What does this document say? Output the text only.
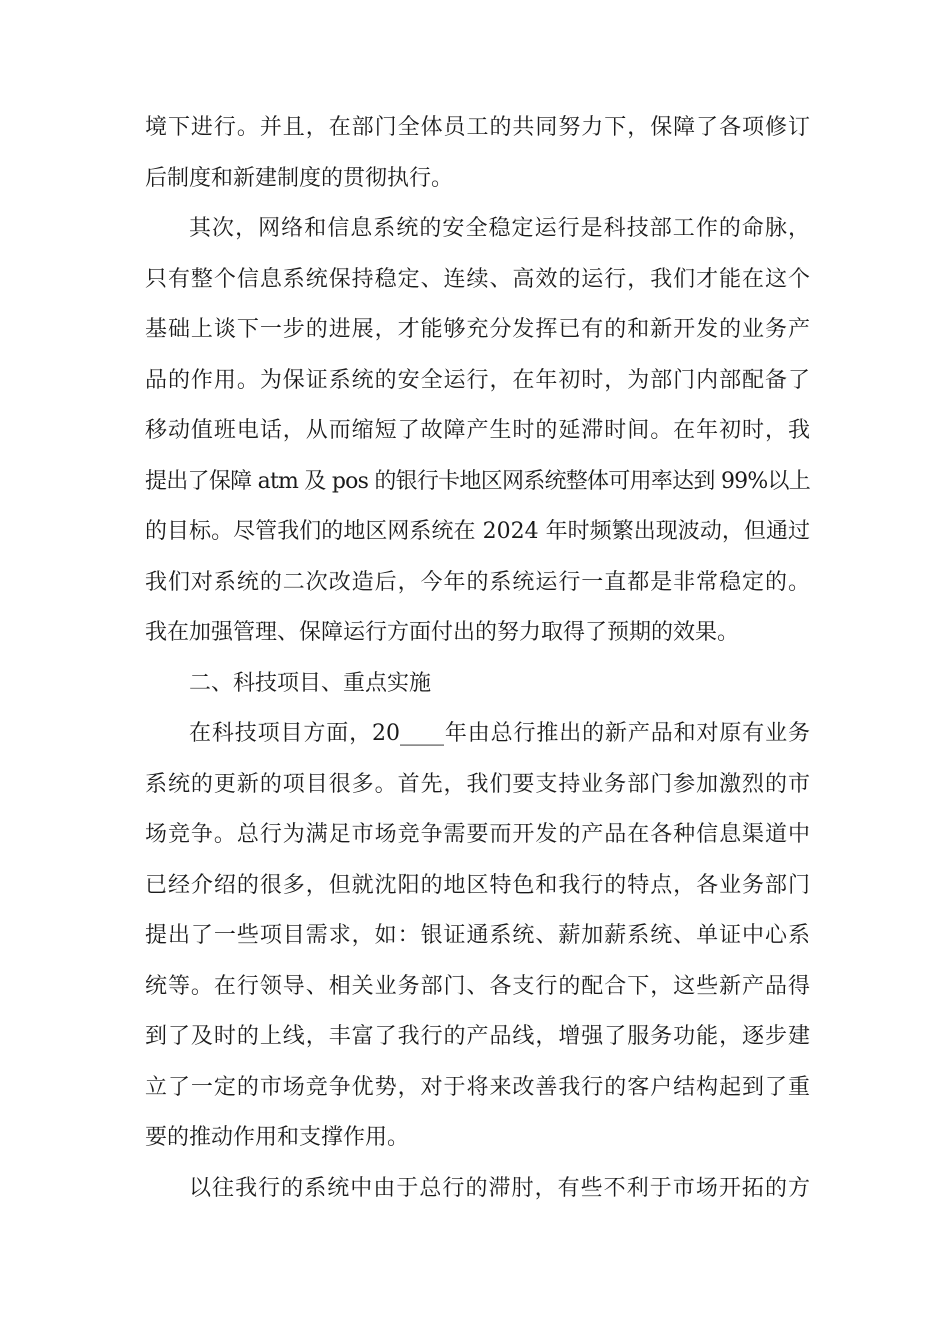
境下进行。并且，在部门全体员工的共同努力下，保障了各项修订
后制度和新建制度的贯彻执行。
其次，网络和信息系统的安全稳定运行是科技部工作的命脉，
只有整个信息系统保持稳定、连续、高效的运行，我们才能在这个
基础上谈下一步的进展，才能够充分发挥已有的和新开发的业务产
品的作用。为保证系统的安全运行，在年初时，为部门内部配备了
移动值班电话，从而缩短了故障产生时的延滞时间。在年初时，我
提出了保障 atm 及 pos 的银行卡地区网系统整体可用率达到 99%以上
的目标。尽管我们的地区网系统在 2024 年时频繁出现波动，但通过
我们对系统的二次改造后，今年的系统运行一直都是非常稳定的。
我在加强管理、保障运行方面付出的努力取得了预期的效果。
二、科技项目、重点实施
在科技项目方面，20____年由总行推出的新产品和对原有业务
系统的更新的项目很多。首先，我们要支持业务部门参加激烈的市
场竞争。总行为满足市场竞争需要而开发的产品在各种信息渠道中
已经介绍的很多，但就沈阳的地区特色和我行的特点，各业务部门
提出了一些项目需求，如：银证通系统、薪加薪系统、单证中心系
统等。在行领导、相关业务部门、各支行的配合下，这些新产品得
到了及时的上线，丰富了我行的产品线，增强了服务功能，逐步建
立了一定的市场竞争优势，对于将来改善我行的客户结构起到了重
要的推动作用和支撑作用。
以往我行的系统中由于总行的滞肘，有些不利于市场开拓的方
